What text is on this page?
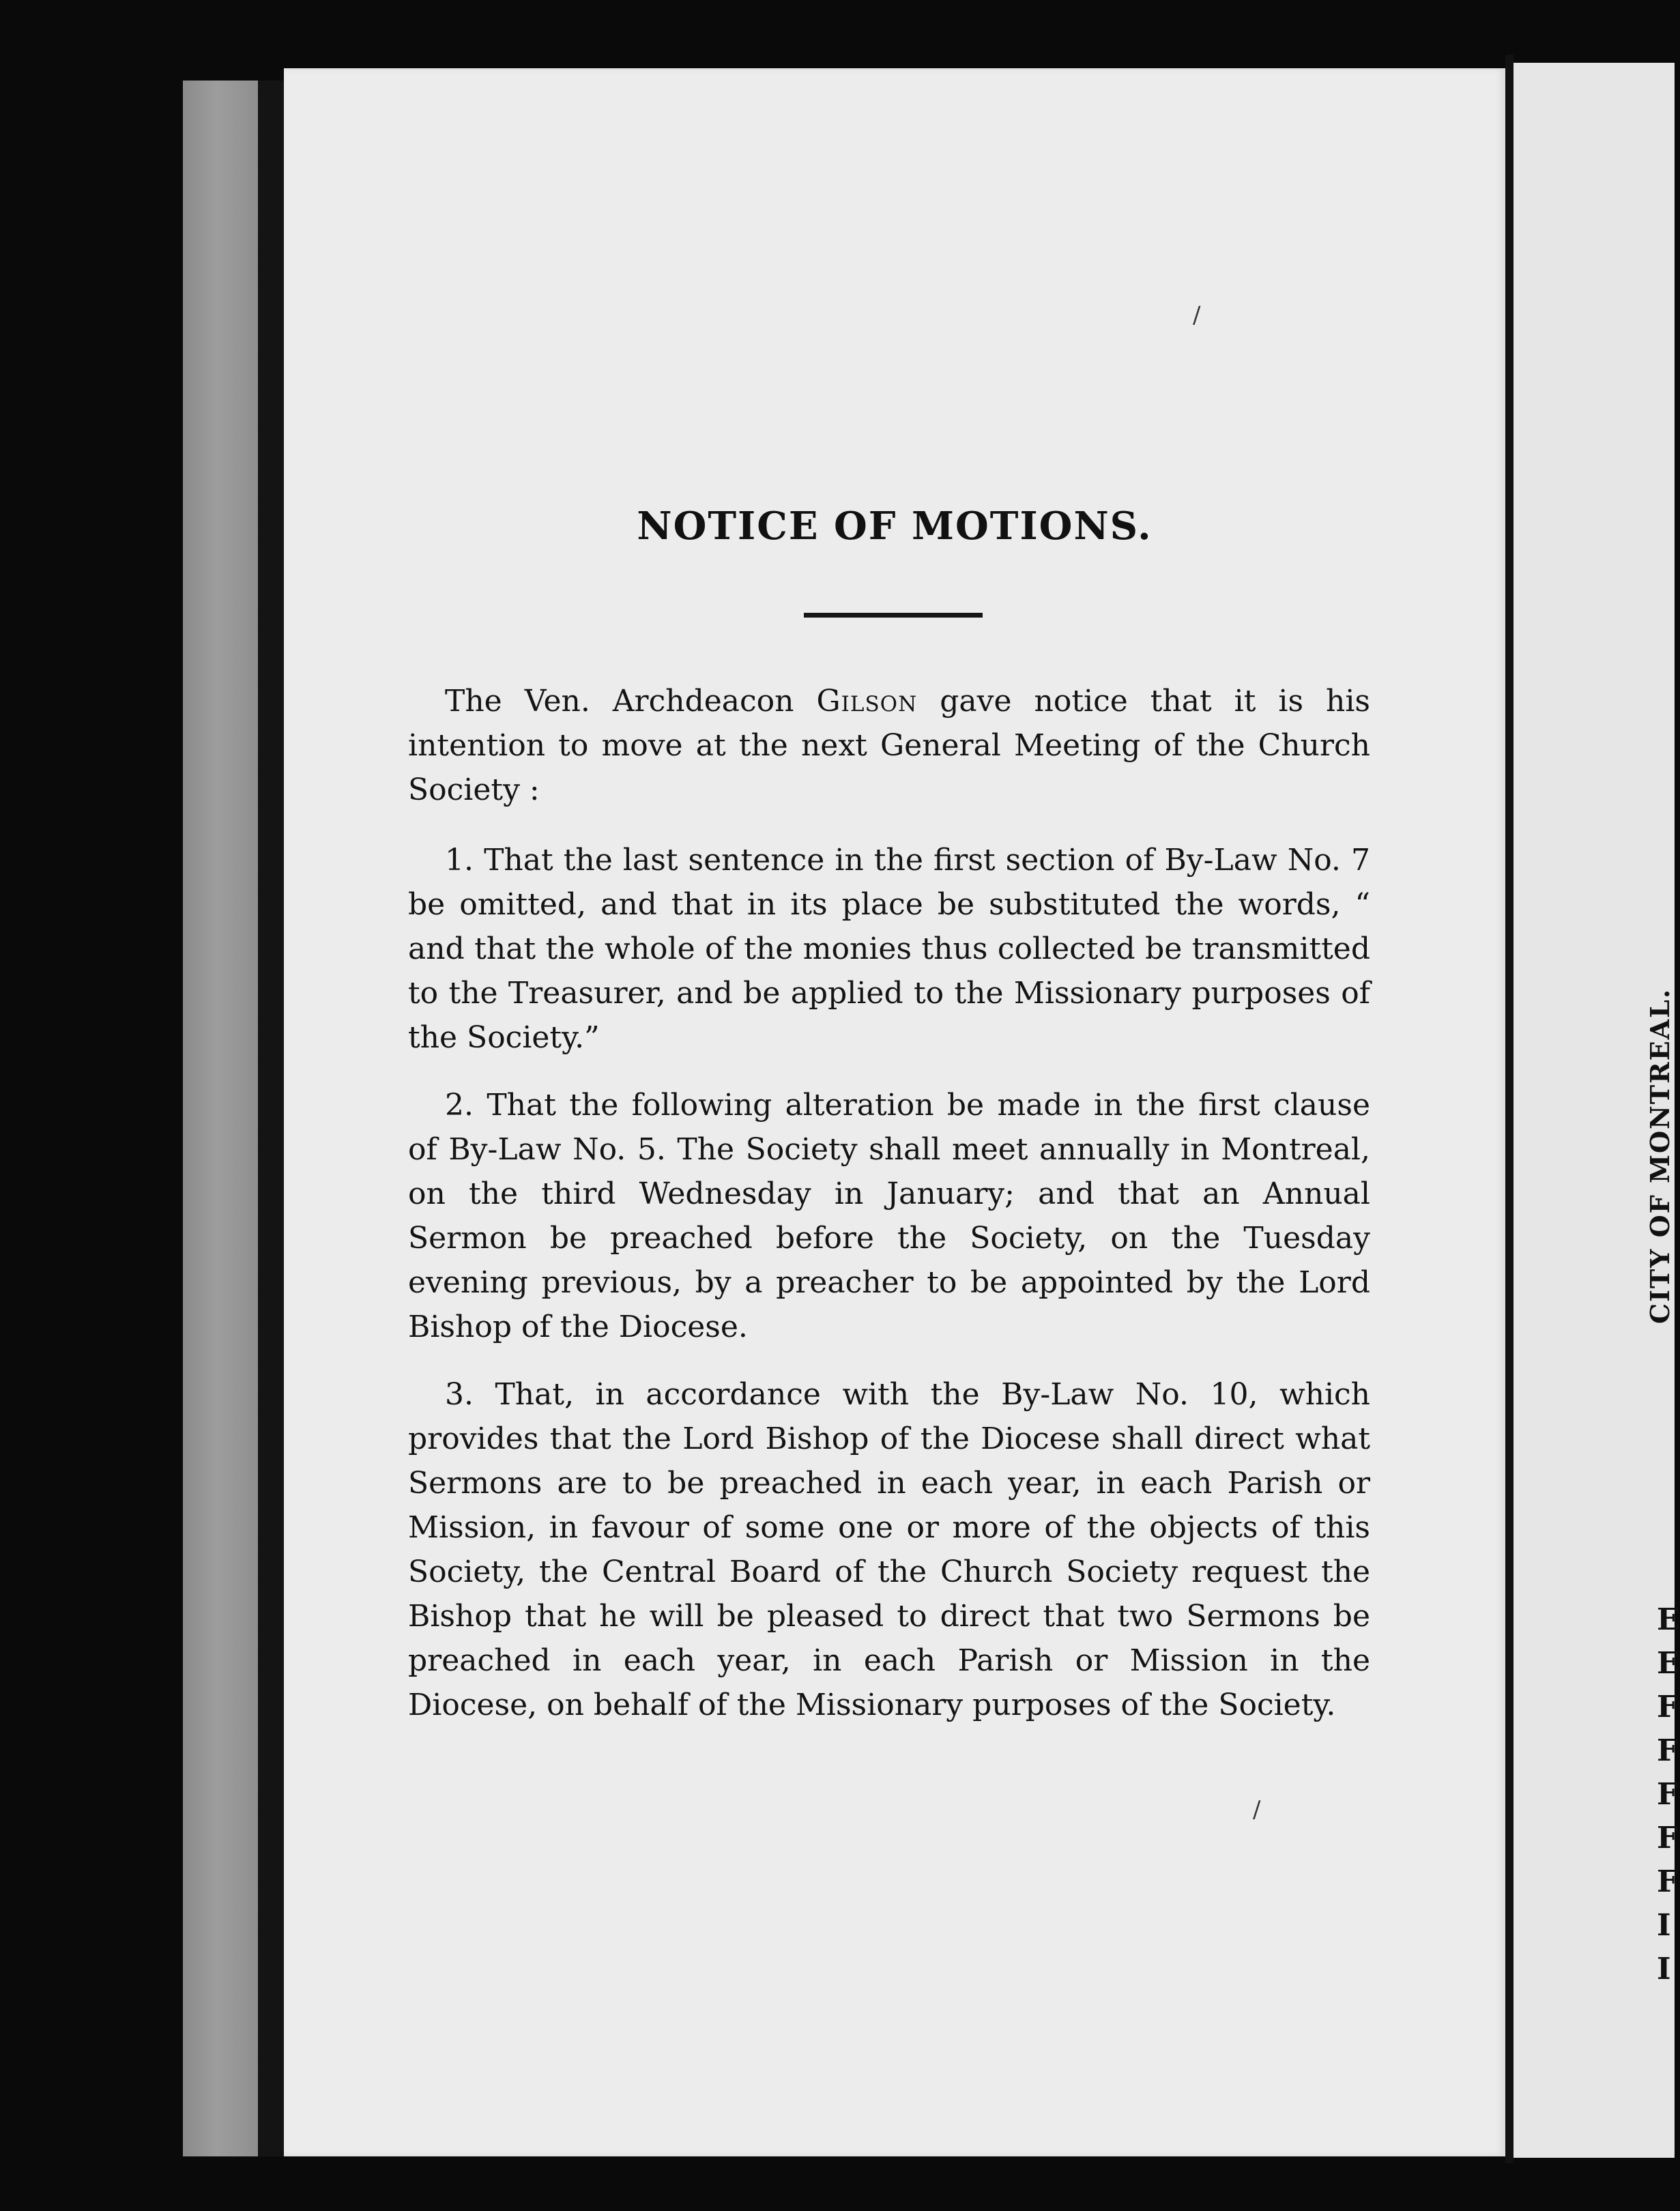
CITY OF MONTREAL.
E
E
F
F
F
F
F
I
I
NOTICE OF MOTIONS.

The Ven. Archdeacon Gilson gave notice that it is his intention to move at the next General Meeting of the Church Society :

1. That the last sentence in the first section of By-Law No. 7 be omitted, and that in its place be substituted the words, “ and that the whole of the monies thus collected be transmitted to the Treasurer, and be applied to the Missionary purposes of the Society.”

2. That the following alteration be made in the first clause of By-Law No. 5. The Society shall meet annually in Montreal, on the third Wednesday in January; and that an Annual Sermon be preached before the Society, on the Tuesday evening previous, by a preacher to be appointed by the Lord Bishop of the Diocese.

3. That, in accordance with the By-Law No. 10, which provides that the Lord Bishop of the Diocese shall direct what Sermons are to be preached in each year, in each Parish or Mission, in favour of some one or more of the objects of this Society, the Central Board of the Church Society request the Bishop that he will be pleased to direct that two Sermons be preached in each year, in each Parish or Mission in the Diocese, on behalf of the Missionary purposes of the Society.

/
/
